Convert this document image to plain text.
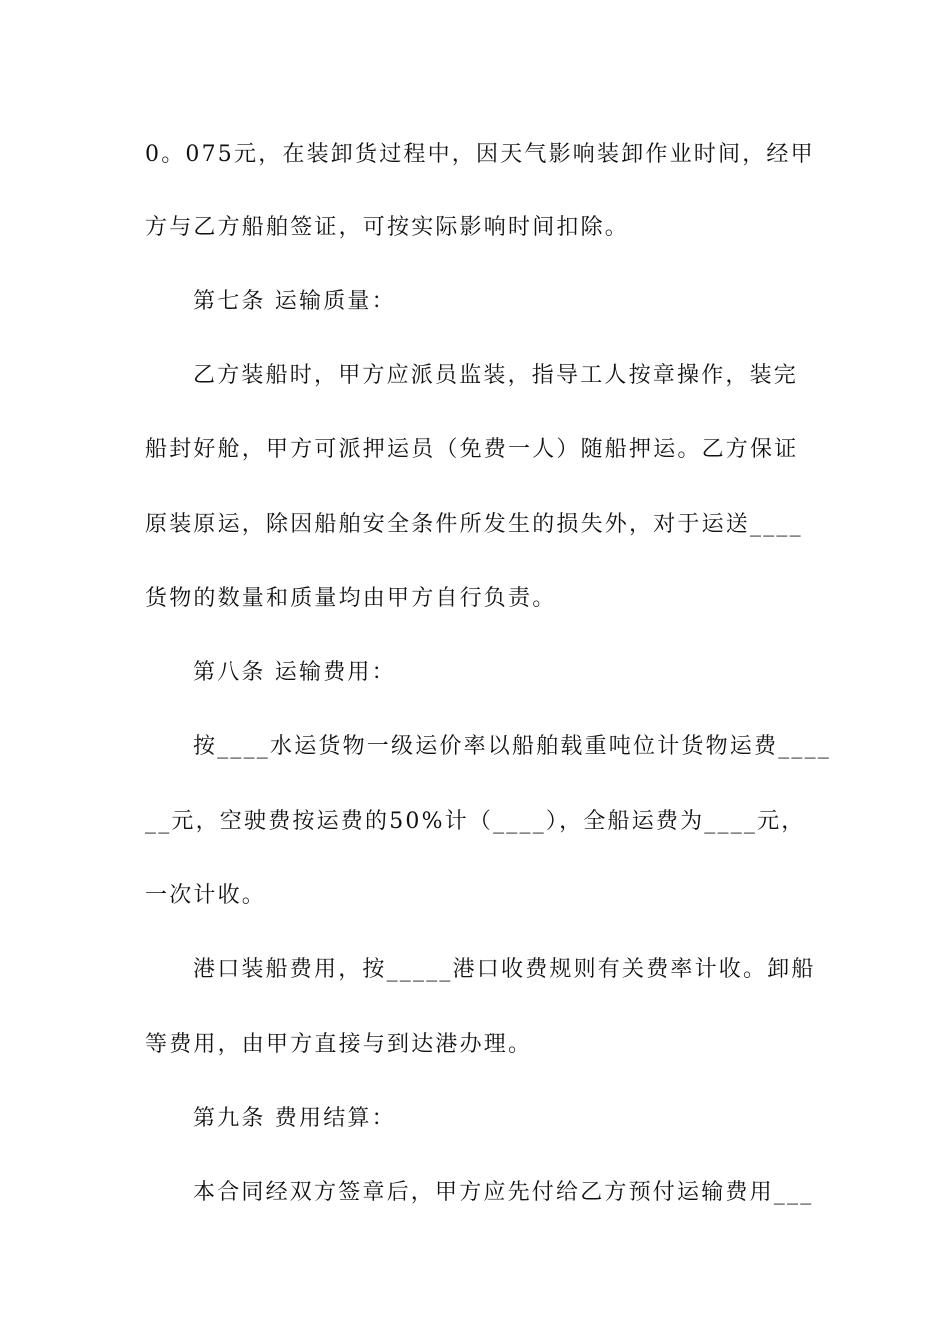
0。075元，在装卸货过程中，因天气影响装卸作业时间，经甲
方与乙方船舶签证，可按实际影响时间扣除。
第七条 运输质量：
乙方装船时，甲方应派员监装，指导工人按章操作，装完
船封好舱，甲方可派押运员（免费一人）随船押运。乙方保证
原装原运，除因船舶安全条件所发生的损失外，对于运送____
货物的数量和质量均由甲方自行负责。
第八条 运输费用：
按____水运货物一级运价率以船舶载重吨位计货物运费____
__元，空驶费按运费的50%计（____），全船运费为____元，
一次计收。
港口装船费用，按_____港口收费规则有关费率计收。卸船
等费用，由甲方直接与到达港办理。
第九条 费用结算：
本合同经双方签章后，甲方应先付给乙方预付运输费用___
